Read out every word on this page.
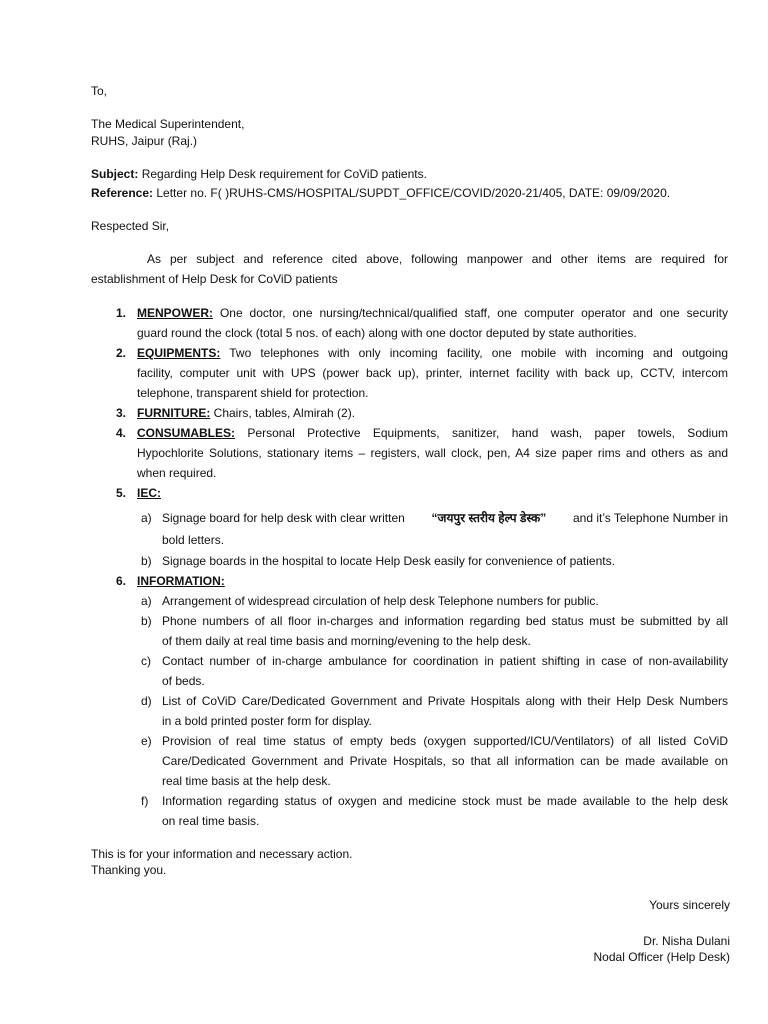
To,
The Medical Superintendent,
RUHS, Jaipur (Raj.)
Subject: Regarding Help Desk requirement for CoViD patients.
Reference: Letter no. F( )RUHS-CMS/HOSPITAL/SUPDT_OFFICE/COVID/2020-21/405, DATE: 09/09/2020.
Respected Sir,
As per subject and reference cited above, following manpower and other items are required for
establishment of Help Desk for CoViD patients
1. MENPOWER: One doctor, one nursing/technical/qualified staff, one computer operator and one security
guard round the clock (total 5 nos. of each) along with one doctor deputed by state authorities.
2. EQUIPMENTS: Two telephones with only incoming facility, one mobile with incoming and outgoing
facility, computer unit with UPS (power back up), printer, internet facility with back up, CCTV, intercom
telephone, transparent shield for protection.
3. FURNITURE: Chairs, tables, Almirah (2).
4. CONSUMABLES: Personal Protective Equipments, sanitizer, hand wash, paper towels, Sodium
Hypochlorite Solutions, stationary items – registers, wall clock, pen, A4 size paper rims and others as and
when required.
5. IEC:
a) Signage board for help desk with clear written “जयपुर स्तरीय हेल्प डेस्क” and it’s Telephone Number in
bold letters.
b) Signage boards in the hospital to locate Help Desk easily for convenience of patients.
6. INFORMATION:
a) Arrangement of widespread circulation of help desk Telephone numbers for public.
b) Phone numbers of all floor in-charges and information regarding bed status must be submitted by all
of them daily at real time basis and morning/evening to the help desk.
c) Contact number of in-charge ambulance for coordination in patient shifting in case of non-availability
of beds.
d) List of CoViD Care/Dedicated Government and Private Hospitals along with their Help Desk Numbers
in a bold printed poster form for display.
e) Provision of real time status of empty beds (oxygen supported/ICU/Ventilators) of all listed CoViD
Care/Dedicated Government and Private Hospitals, so that all information can be made available on
real time basis at the help desk.
f)	Information regarding status of oxygen and medicine stock must be made available to the help desk
on real time basis.
This is for your information and necessary action.
Thanking you.
Yours sincerely
Dr. Nisha Dulani
Nodal Officer (Help Desk)
